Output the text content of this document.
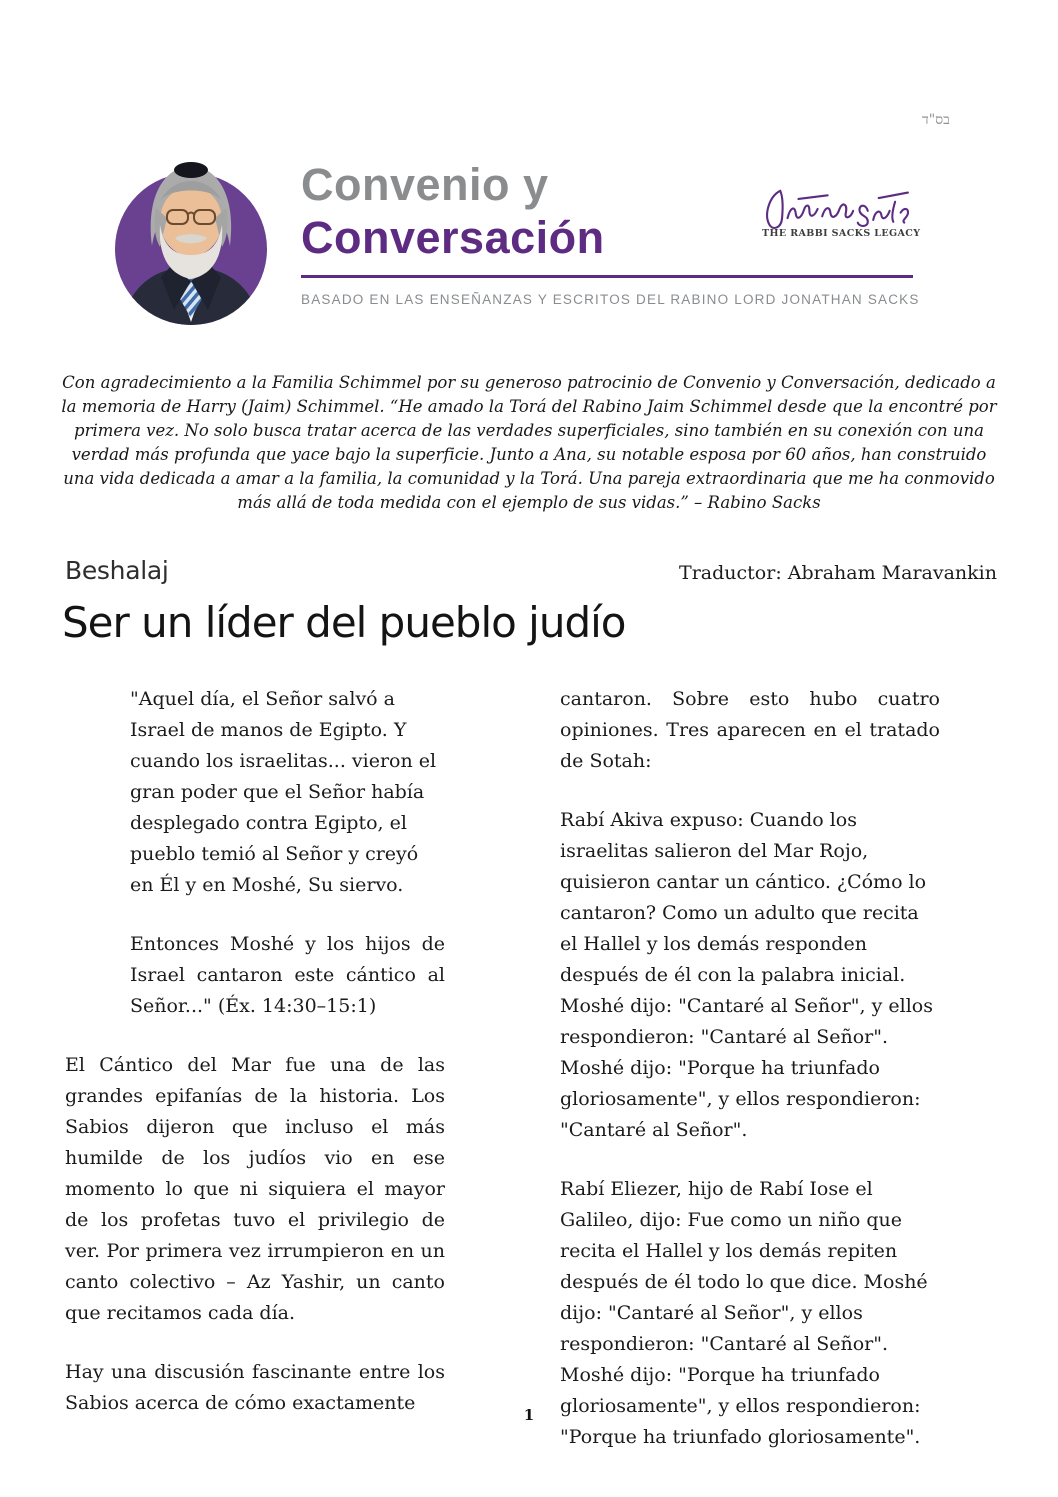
בס"ד
Convenio y
Conversación	THE RABBI SACKS LEGACY
BASADO EN LAS ENSEÑANZAS Y ESCRITOS DEL RABINO LORD JONATHAN SACKS

Con agradecimiento a la Familia Schimmel por su generoso patrocinio de Convenio y Conversación, dedicado a la memoria de Harry (Jaim) Schimmel. “He amado la Torá del Rabino Jaim Schimmel desde que la encontré por primera vez. No solo busca tratar acerca de las verdades superficiales, sino también en su conexión con una verdad más profunda que yace bajo la superficie. Junto a Ana, su notable esposa por 60 años, han construido una vida dedicada a amar a la familia, la comunidad y la Torá. Una pareja extraordinaria que me ha conmovido más allá de toda medida con el ejemplo de sus vidas.” – Rabino Sacks

Beshalaj	Traductor: Abraham Maravankin
Ser un líder del pueblo judío

"Aquel día, el Señor salvó a Israel de manos de Egipto. Y cuando los israelitas... vieron el gran poder que el Señor había desplegado contra Egipto, el pueblo temió al Señor y creyó en Él y en Moshé, Su siervo.

Entonces Moshé y los hijos de Israel cantaron este cántico al Señor..." (Éx. 14:30–15:1)

El Cántico del Mar fue una de las grandes epifanías de la historia. Los Sabios dijeron que incluso el más humilde de los judíos vio en ese momento lo que ni siquiera el mayor de los profetas tuvo el privilegio de ver. Por primera vez irrumpieron en un canto colectivo – Az Yashir, un canto que recitamos cada día.

Hay una discusión fascinante entre los Sabios acerca de cómo exactamente

cantaron. Sobre esto hubo cuatro opiniones. Tres aparecen en el tratado de Sotah:

Rabí Akiva expuso: Cuando los israelitas salieron del Mar Rojo, quisieron cantar un cántico. ¿Cómo lo cantaron? Como un adulto que recita el Hallel y los demás responden después de él con la palabra inicial. Moshé dijo: "Cantaré al Señor", y ellos respondieron: "Cantaré al Señor". Moshé dijo: "Porque ha triunfado gloriosamente", y ellos respondieron: "Cantaré al Señor".

Rabí Eliezer, hijo de Rabí Iose el Galileo, dijo: Fue como un niño que recita el Hallel y los demás repiten después de él todo lo que dice. Moshé dijo: "Cantaré al Señor", y ellos respondieron: "Cantaré al Señor". Moshé dijo: "Porque ha triunfado gloriosamente", y ellos respondieron: "Porque ha triunfado gloriosamente".

1
